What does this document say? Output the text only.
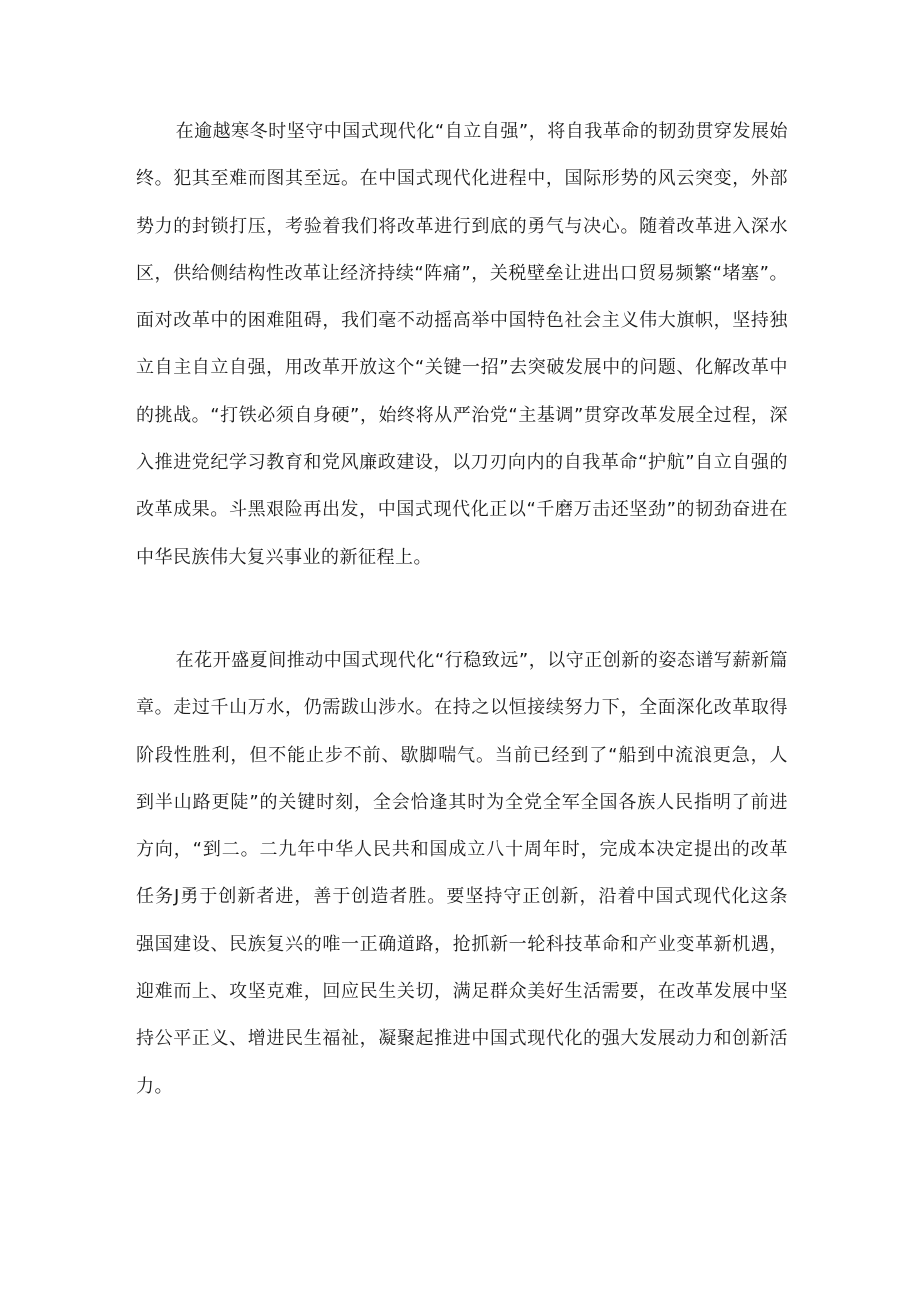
在逾越寒冬时坚守中国式现代化“自立自强”，将自我革命的韧劲贯穿发展始终。犯其至难而图其至远。在中国式现代化进程中，国际形势的风云突变，外部势力的封锁打压，考验着我们将改革进行到底的勇气与决心。随着改革进入深水区，供给侧结构性改革让经济持续“阵痛”，关税壁垒让进出口贸易频繁“堵塞”。面对改革中的困难阻碍，我们毫不动摇高举中国特色社会主义伟大旗帜，坚持独立自主自立自强，用改革开放这个“关键一招”去突破发展中的问题、化解改革中的挑战。“打铁必须自身硬”，始终将从严治党“主基调”贯穿改革发展全过程，深入推进党纪学习教育和党风廉政建设，以刀刃向内的自我革命“护航”自立自强的改革成果。斗黑艰险再出发，中国式现代化正以“千磨万击还坚劲”的韧劲奋进在中华民族伟大复兴事业的新征程上。

在花开盛夏间推动中国式现代化“行稳致远”，以守正创新的姿态谱写薪新篇章。走过千山万水，仍需跋山涉水。在持之以恒接续努力下，全面深化改革取得阶段性胜利，但不能止步不前、歇脚喘气。当前已经到了“船到中流浪更急，人到半山路更陡”的关键时刻，全会恰逢其时为全党全军全国各族人民指明了前进方向，“到二。二九年中华人民共和国成立八十周年时，完成本决定提出的改革任务J勇于创新者进，善于创造者胜。要坚持守正创新，沿着中国式现代化这条强国建设、民族复兴的唯一正确道路，抢抓新一轮科技革命和产业变革新机遇，迎难而上、攻坚克难，回应民生关切，满足群众美好生活需要，在改革发展中坚持公平正义、增进民生福祉，凝聚起推进中国式现代化的强大发展动力和创新活力。
